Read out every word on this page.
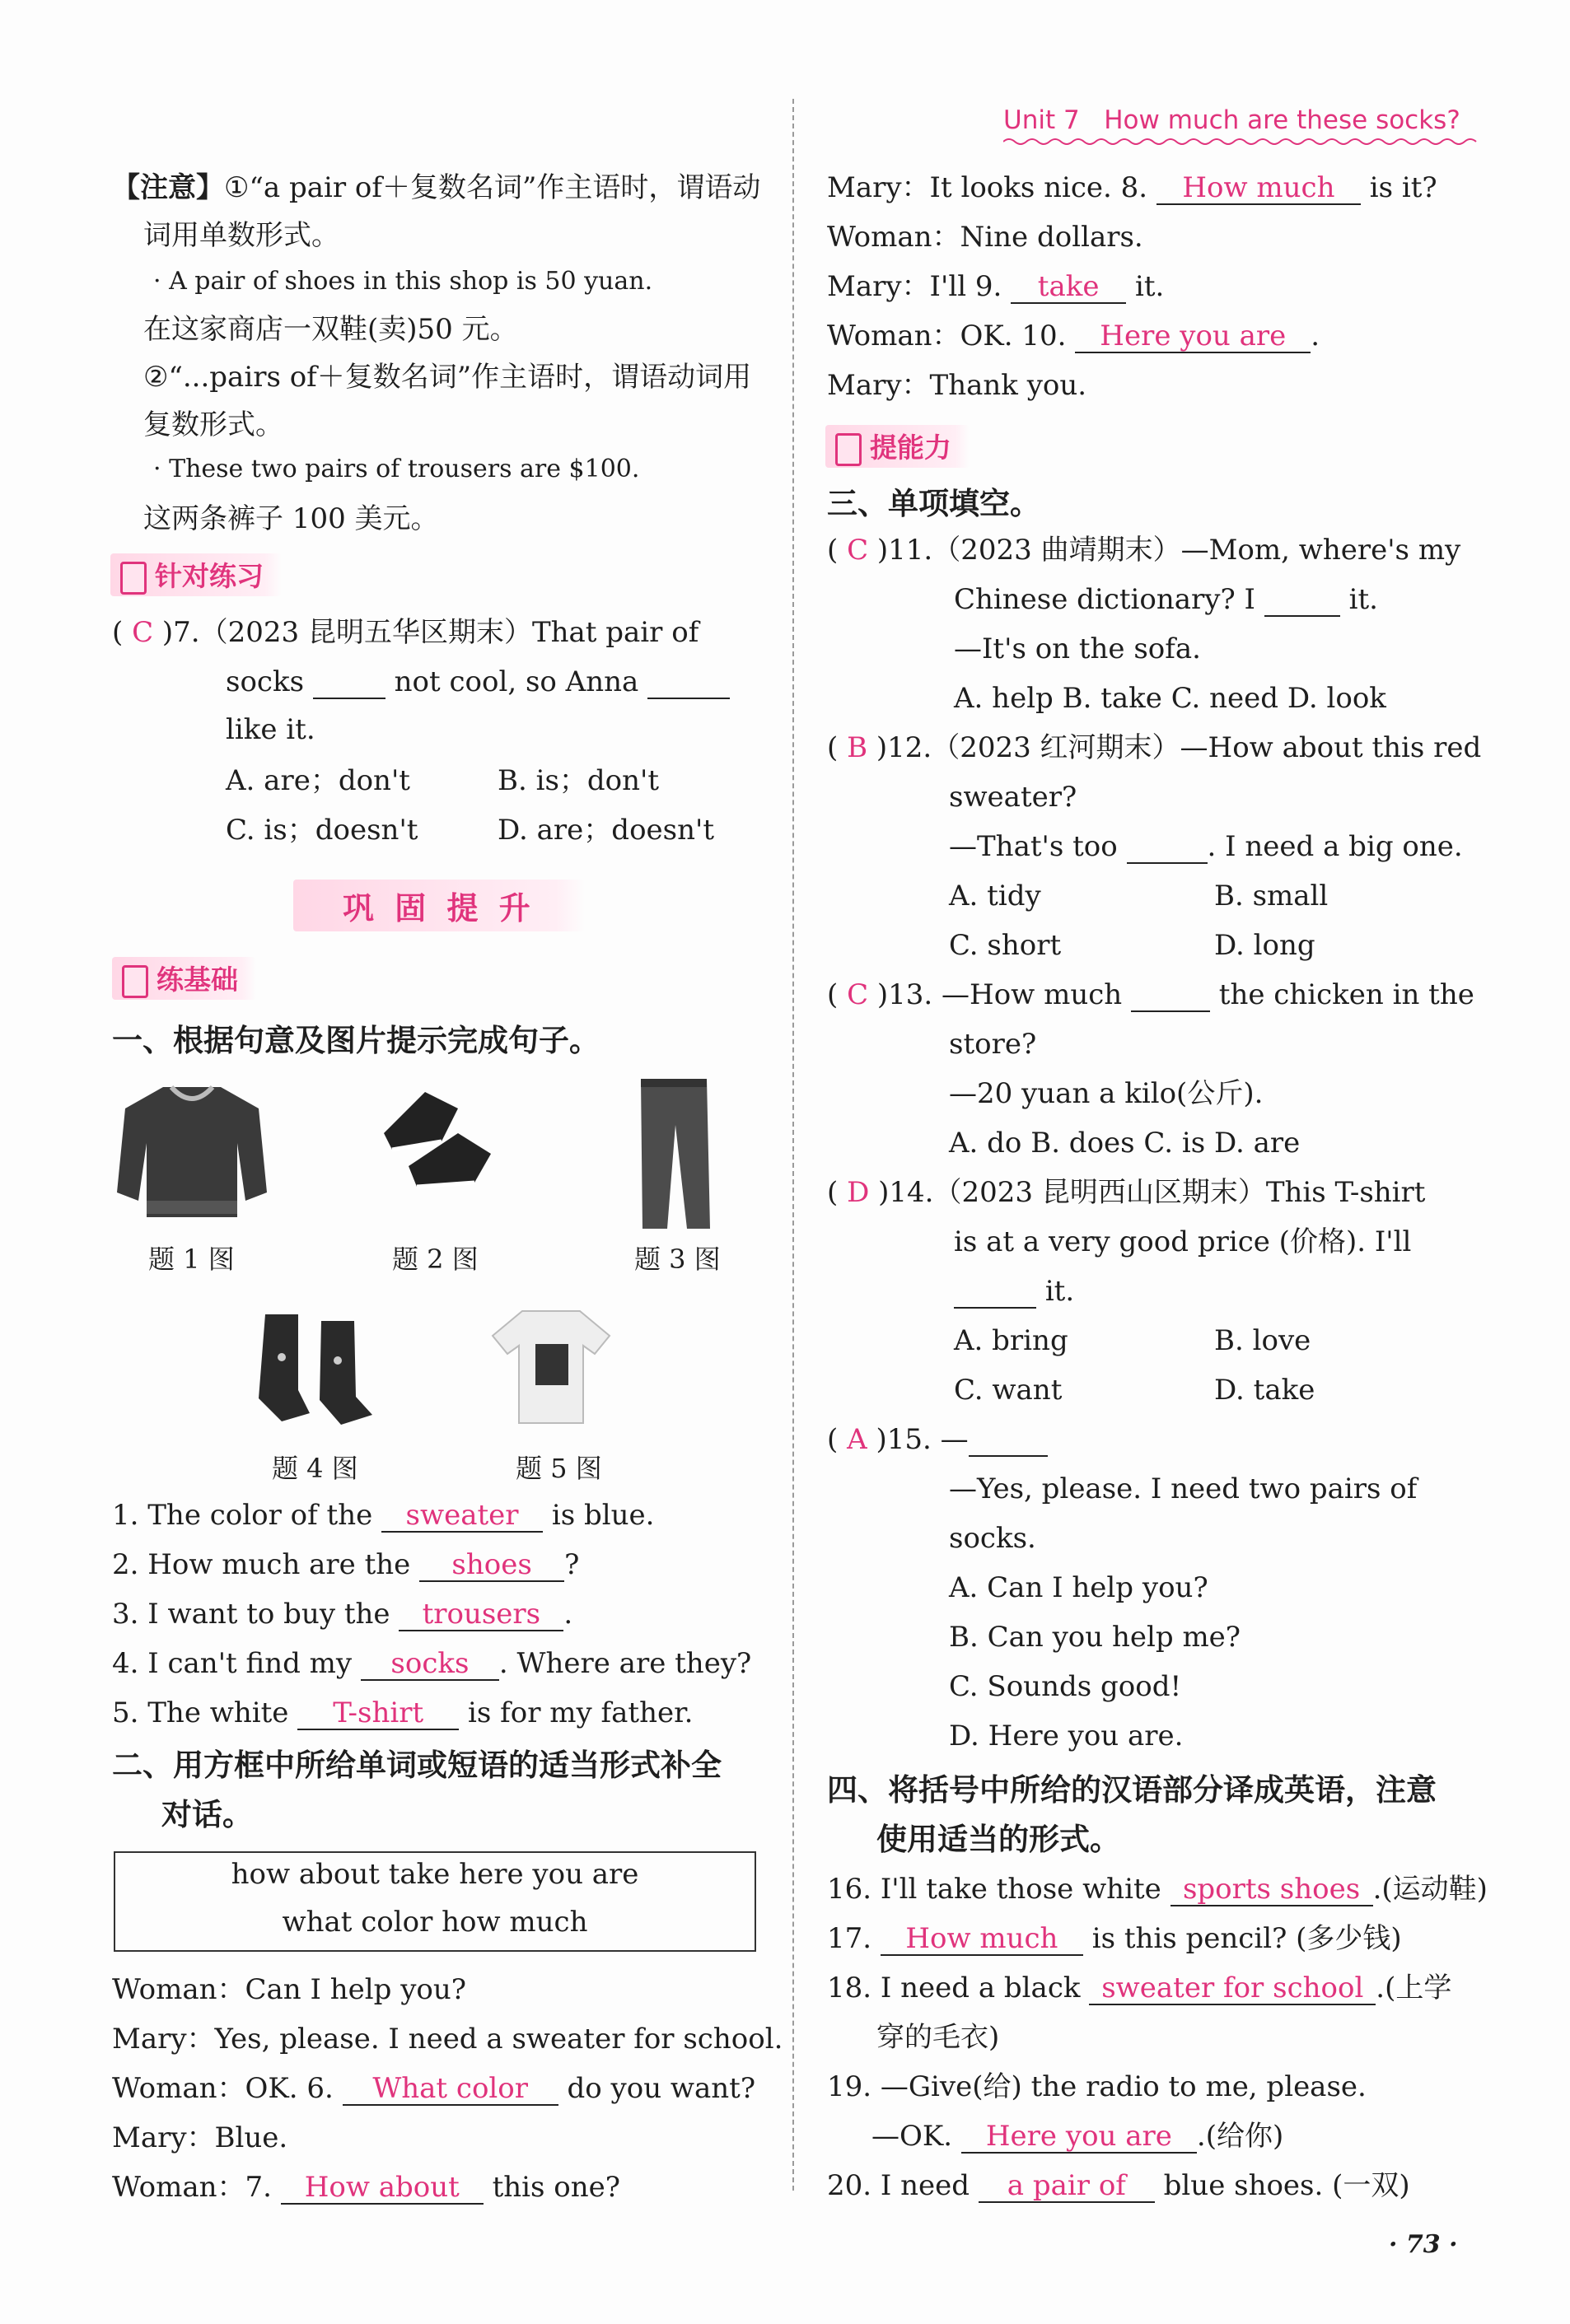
Unit 7 How much are these socks?
【注意】①“a pair of＋复数名词”作主语时，谓语动
词用单数形式。
· A pair of shoes in this shop is 50 yuan.
在这家商店一双鞋(卖)50 元。
②“...pairs of＋复数名词”作主语时，谓语动词用
复数形式。
· These two pairs of trousers are $100.
这两条裤子 100 美元。
针对练习
( C )7.（2023 昆明五华区期末）That pair of
socks	not cool, so Anna
like it.
A. are；don't	B. is；don't
C. is；doesn't	D. are；doesn't
巩 固 提 升
练基础
一、根据句意及图片提示完成句子。
题 1 图	题 2 图	题 3 图
题 4 图	题 5 图
1. The color of the sweater is blue.
2. How much are the shoes ?
3. I want to buy the trousers .
4. I can't find my socks . Where are they?
5. The white T-shirt is for my father.
二、用方框中所给单词或短语的适当形式补全
对话。
how about take here you are
what color how much
Woman：Can I help you?
Mary：Yes, please. I need a sweater for school.
Woman：OK. 6. What color do you want?
Mary：Blue.
Woman：7. How about this one?
Mary：It looks nice. 8. How much is it?
Woman：Nine dollars.
Mary：I'll 9. take it.
Woman：OK. 10. Here you are .
Mary：Thank you.
提能力
三、单项填空。
( C )11.（2023 曲靖期末）—Mom, where's my
Chinese dictionary? I	it.
—It's on the sofa.
A. help B. take C. need D. look
( B )12.（2023 红河期末）—How about this red
sweater?
—That's too	. I need a big one.
A. tidy	B. small
C. short	D. long
( C )13. —How much	the chicken in the
store?
—20 yuan a kilo(公斤).
A. do B. does C. is D. are
( D )14.（2023 昆明西山区期末）This T-shirt
is at a very good price (价格). I'll
it.
A. bring	B. love
C. want	D. take
( A )15. —
—Yes, please. I need two pairs of
socks.
A. Can I help you?
B. Can you help me?
C. Sounds good!
D. Here you are.
四、将括号中所给的汉语部分译成英语，注意
使用适当的形式。
16. I'll take those white sports shoes .(运动鞋)
17. How much is this pencil? (多少钱)
18. I need a black sweater for school .(上学
穿的毛衣)
19. —Give(给) the radio to me, please.
—OK. Here you are .(给你)
20. I need a pair of blue shoes. (一双)
· 73 ·
